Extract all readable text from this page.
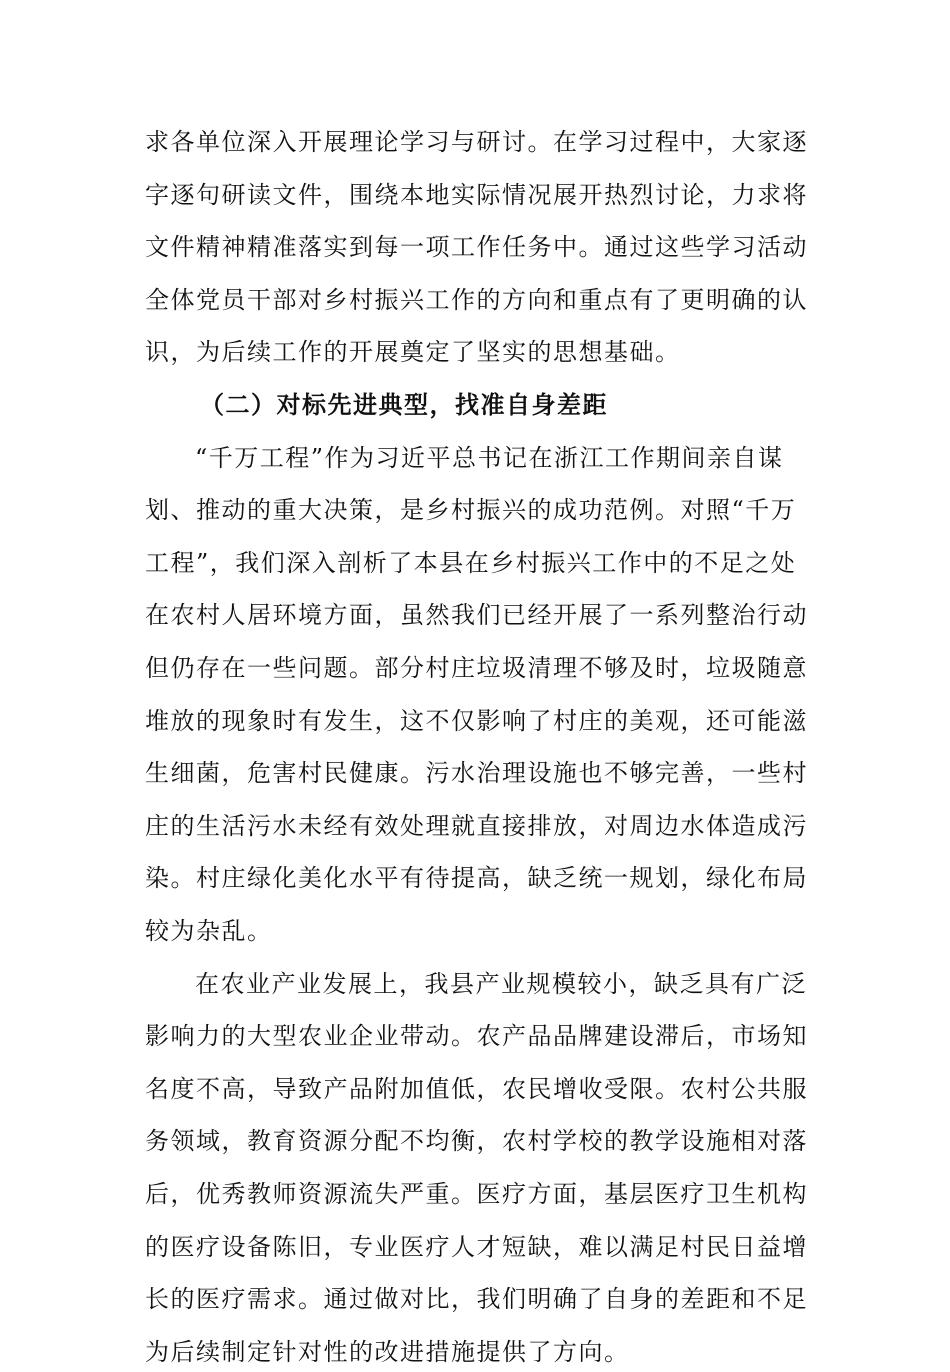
求各单位深入开展理论学习与研讨。在学习过程中，大家逐
字逐句研读文件，围绕本地实际情况展开热烈讨论，力求将
文件精神精准落实到每一项工作任务中。通过这些学习活动
全体党员干部对乡村振兴工作的方向和重点有了更明确的认
识，为后续工作的开展奠定了坚实的思想基础。
（二）对标先进典型，找准自身差距
“千万工程”作为习近平总书记在浙江工作期间亲自谋
划、推动的重大决策，是乡村振兴的成功范例。对照“千万
工程”，我们深入剖析了本县在乡村振兴工作中的不足之处
在农村人居环境方面，虽然我们已经开展了一系列整治行动
但仍存在一些问题。部分村庄垃圾清理不够及时，垃圾随意
堆放的现象时有发生，这不仅影响了村庄的美观，还可能滋
生细菌，危害村民健康。污水治理设施也不够完善，一些村
庄的生活污水未经有效处理就直接排放，对周边水体造成污
染。村庄绿化美化水平有待提高，缺乏统一规划，绿化布局
较为杂乱。
在农业产业发展上，我县产业规模较小，缺乏具有广泛
影响力的大型农业企业带动。农产品品牌建设滞后，市场知
名度不高，导致产品附加值低，农民增收受限。农村公共服
务领域，教育资源分配不均衡，农村学校的教学设施相对落
后，优秀教师资源流失严重。医疗方面，基层医疗卫生机构
的医疗设备陈旧，专业医疗人才短缺，难以满足村民日益增
长的医疗需求。通过做对比，我们明确了自身的差距和不足
为后续制定针对性的改进措施提供了方向。
